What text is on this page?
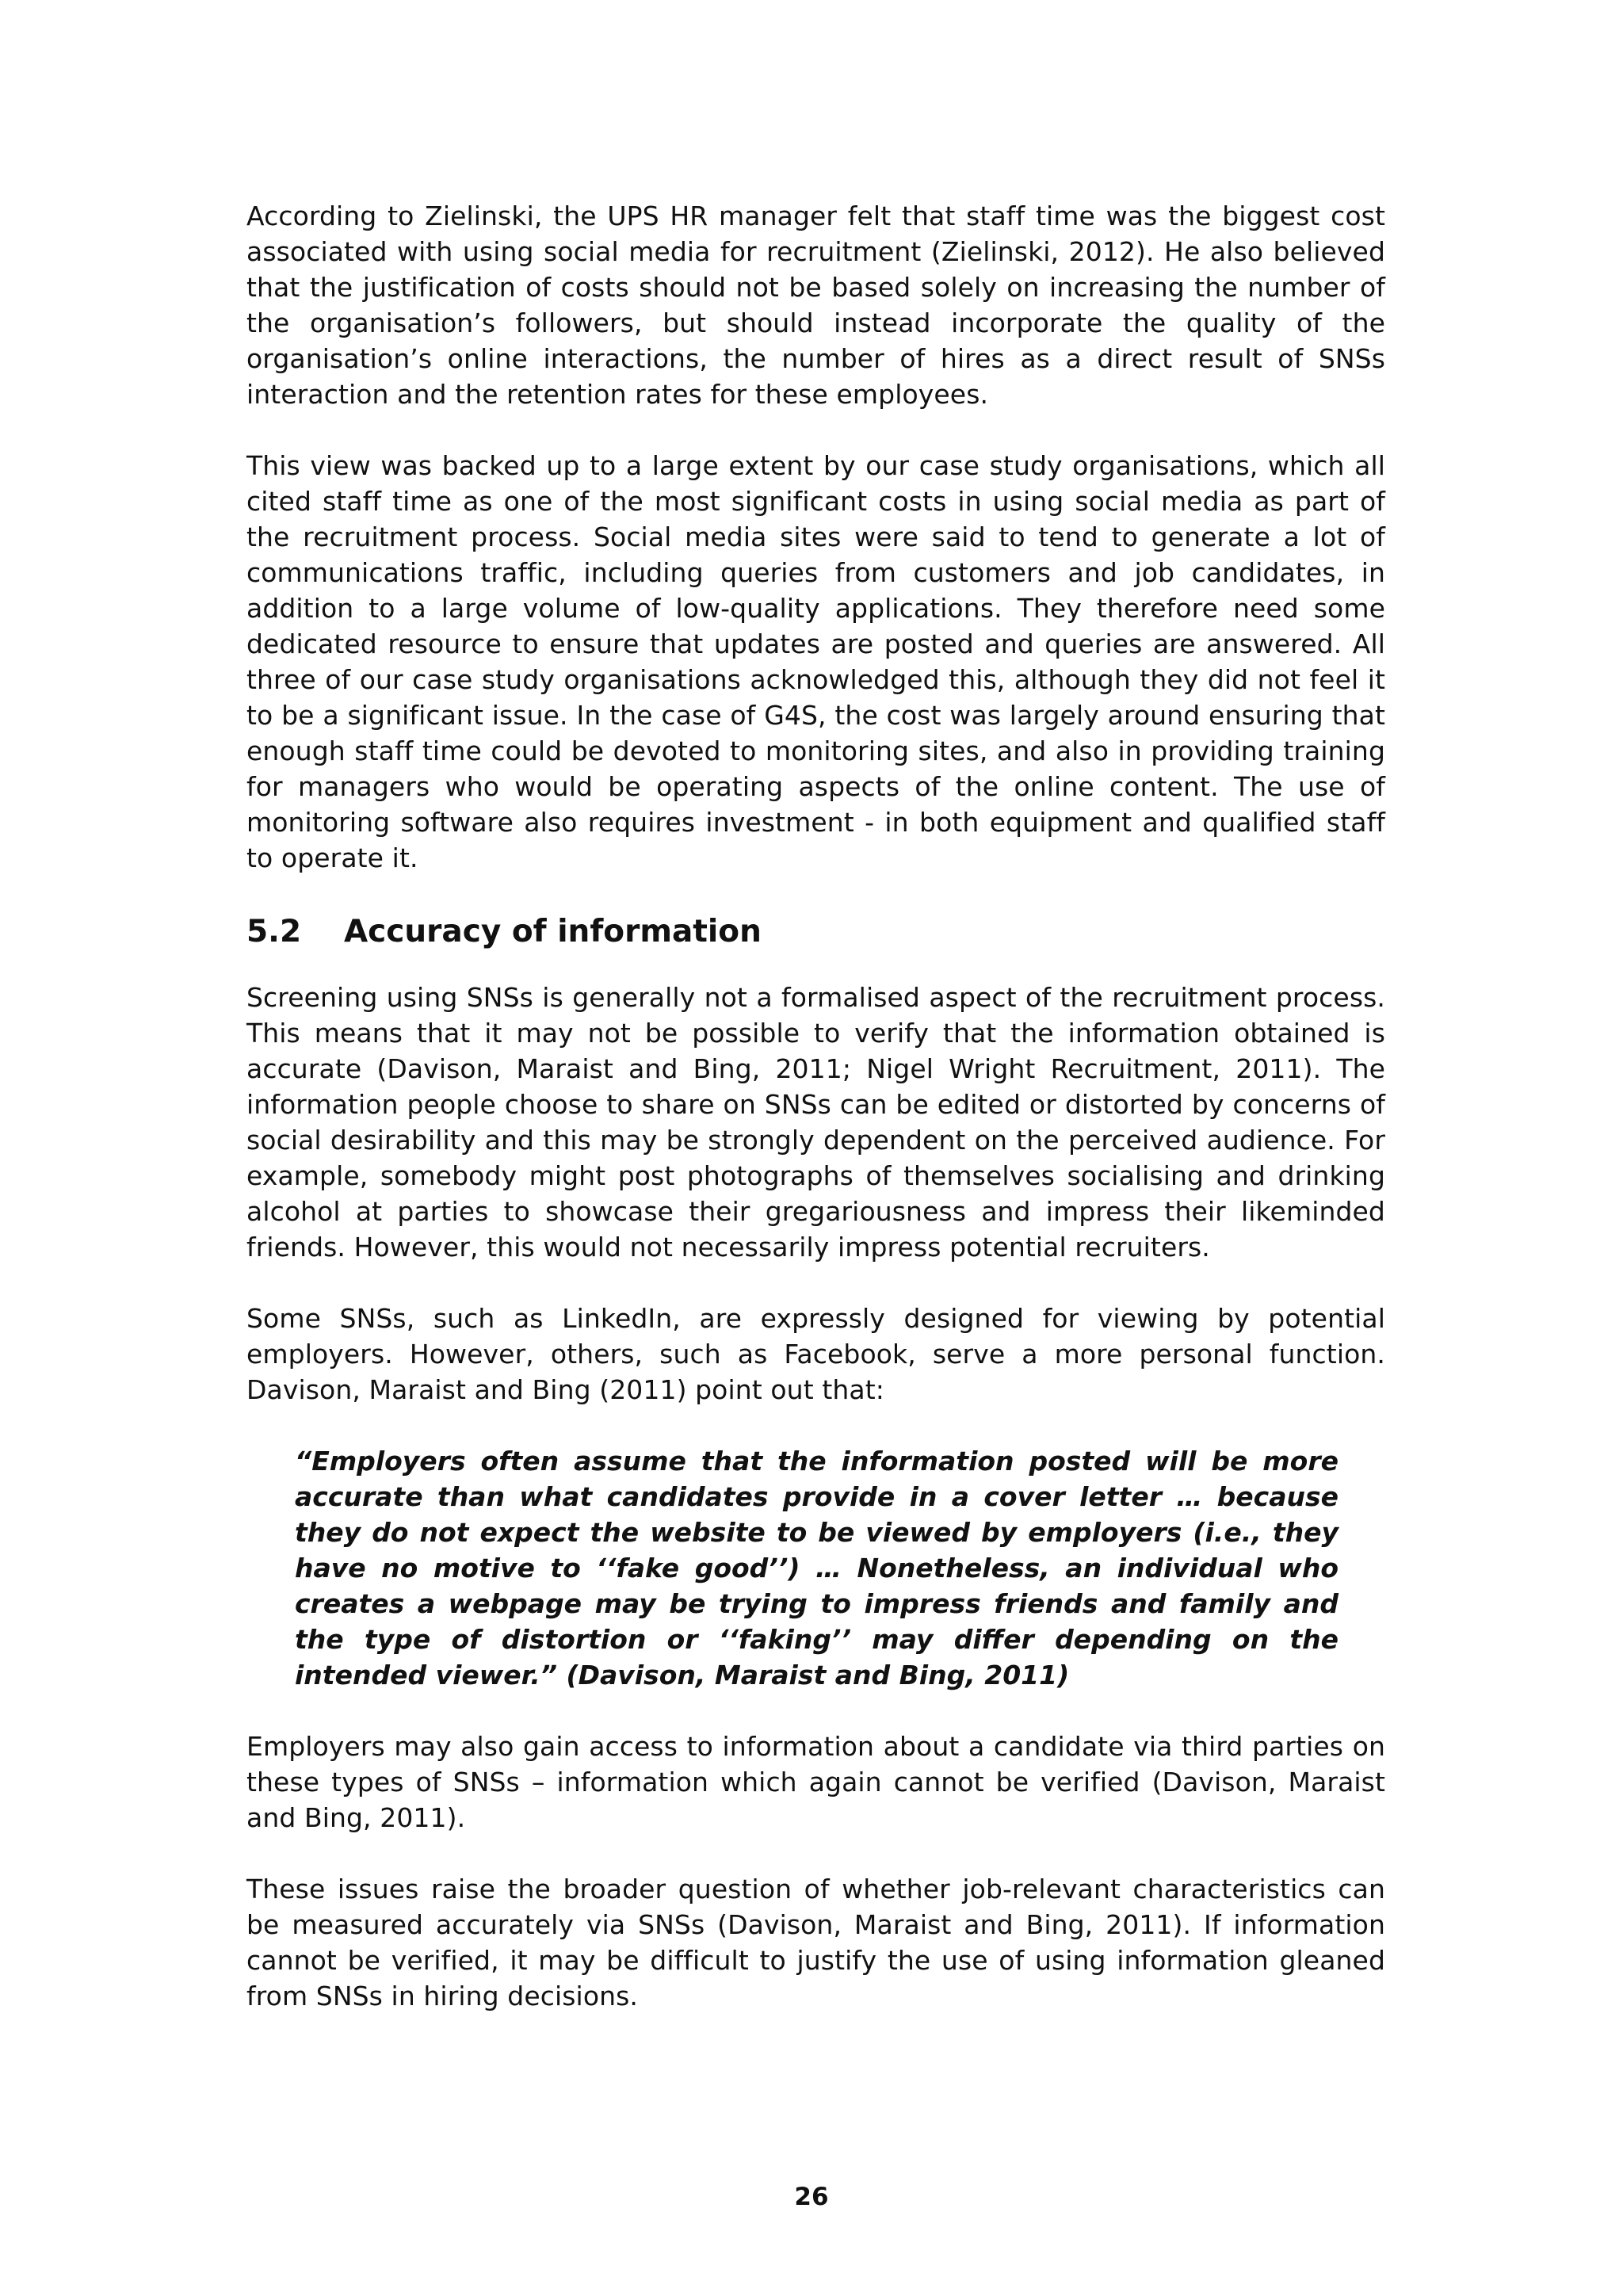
According to Zielinski, the UPS HR manager felt that staff time was the biggest cost associated with using social media for recruitment (Zielinski, 2012). He also believed that the justification of costs should not be based solely on increasing the number of the organisation’s followers, but should instead incorporate the quality of the organisation’s online interactions, the number of hires as a direct result of SNSs interaction and the retention rates for these employees.

This view was backed up to a large extent by our case study organisations, which all cited staff time as one of the most significant costs in using social media as part of the recruitment process. Social media sites were said to tend to generate a lot of communications traffic, including queries from customers and job candidates, in addition to a large volume of low-quality applications. They therefore need some dedicated resource to ensure that updates are posted and queries are answered. All three of our case study organisations acknowledged this, although they did not feel it to be a significant issue. In the case of G4S, the cost was largely around ensuring that enough staff time could be devoted to monitoring sites, and also in providing training for managers who would be operating aspects of the online content. The use of monitoring software also requires investment - in both equipment and qualified staff to operate it.

5.2	Accuracy of information

Screening using SNSs is generally not a formalised aspect of the recruitment process. This means that it may not be possible to verify that the information obtained is accurate (Davison, Maraist and Bing, 2011; Nigel Wright Recruitment, 2011). The information people choose to share on SNSs can be edited or distorted by concerns of social desirability and this may be strongly dependent on the perceived audience. For example, somebody might post photographs of themselves socialising and drinking alcohol at parties to showcase their gregariousness and impress their likeminded friends. However, this would not necessarily impress potential recruiters.

Some SNSs, such as LinkedIn, are expressly designed for viewing by potential employers. However, others, such as Facebook, serve a more personal function. Davison, Maraist and Bing (2011) point out that:

“Employers often assume that the information posted will be more accurate than what candidates provide in a cover letter … because they do not expect the website to be viewed by employers (i.e., they have no motive to ‘‘fake good’’) … Nonetheless, an individual who creates a webpage may be trying to impress friends and family and the type of distortion or ‘‘faking’’ may differ depending on the intended viewer.” (Davison, Maraist and Bing, 2011)

Employers may also gain access to information about a candidate via third parties on these types of SNSs – information which again cannot be verified (Davison, Maraist and Bing, 2011).

These issues raise the broader question of whether job-relevant characteristics can be measured accurately via SNSs (Davison, Maraist and Bing, 2011). If information cannot be verified, it may be difficult to justify the use of using information gleaned from SNSs in hiring decisions.

26
